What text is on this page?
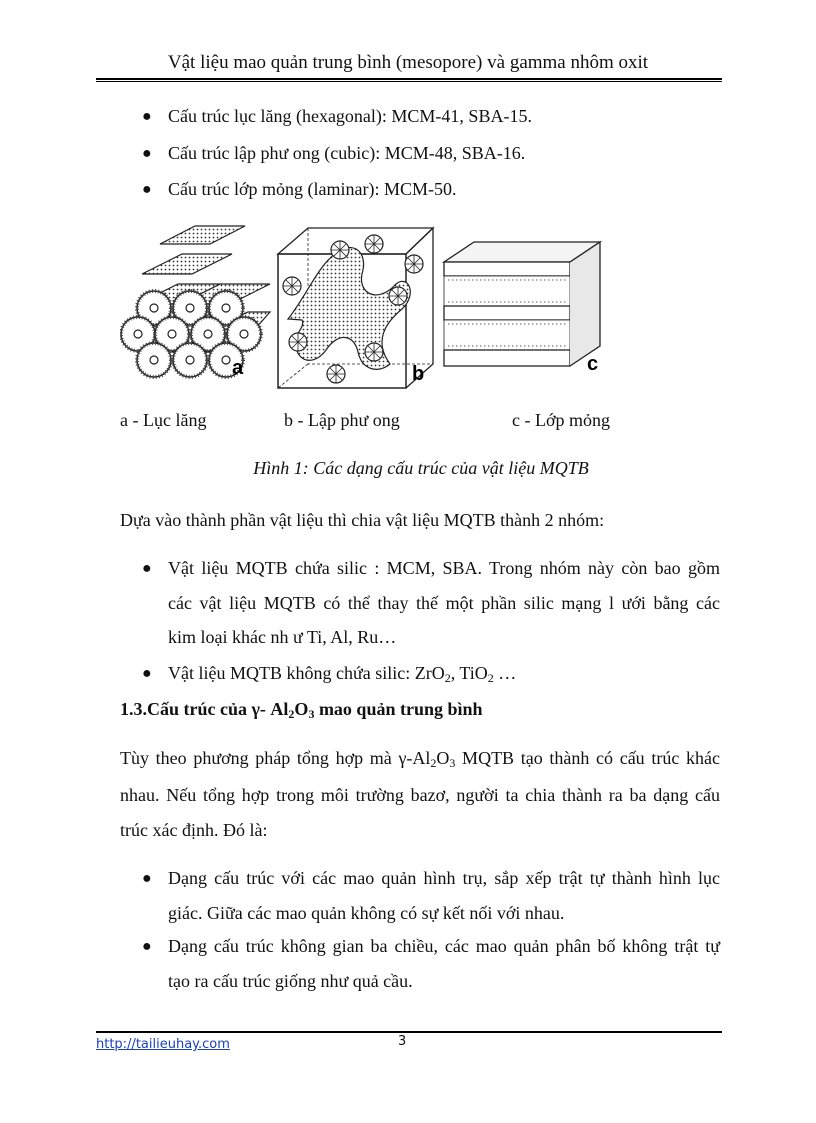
Vật liệu mao quản trung bình (mesopore) và gamma nhôm oxit
● Cấu trúc lục lăng (hexagonal): MCM-41, SBA-15.
● Cấu trúc lập phư ong (cubic): MCM-48, SBA-16.
● Cấu trúc lớp mỏng (laminar): MCM-50.
a	b	c
a - Lục lăng	b - Lập phư ong	c - Lớp mỏng
Hình 1: Các dạng cấu trúc của vật liệu MQTB
Dựa vào thành phần vật liệu thì chia vật liệu MQTB thành 2 nhóm:
● Vật liệu MQTB chứa silic : MCM, SBA. Trong nhóm này còn bao gồm
các vật liệu MQTB có thể thay thế một phần silic mạng l ưới bằng các
kim loại khác nh ư Ti, Al, Ru…
● Vật liệu MQTB không chứa silic: ZrO$_2$, TiO$_2$ …
1.3.Cấu trúc của γ- $Al_2O_3$ mao quản trung bình
Tùy theo phương pháp tổng hợp mà $\gamma-Al_2O_3$ MQTB tạo thành có cấu trúc khác
nhau. Nếu tổng hợp trong môi trường bazơ, người ta chia thành ra ba dạng cấu
trúc xác định. Đó là:
● Dạng cấu trúc với các mao quản hình trụ, sắp xếp trật tự thành hình lục
giác. Giữa các mao quản không có sự kết nối với nhau.
● Dạng cấu trúc không gian ba chiều, các mao quản phân bố không trật tự
tạo ra cấu trúc giống như quả cầu.
http://tailieuhay.com	3
